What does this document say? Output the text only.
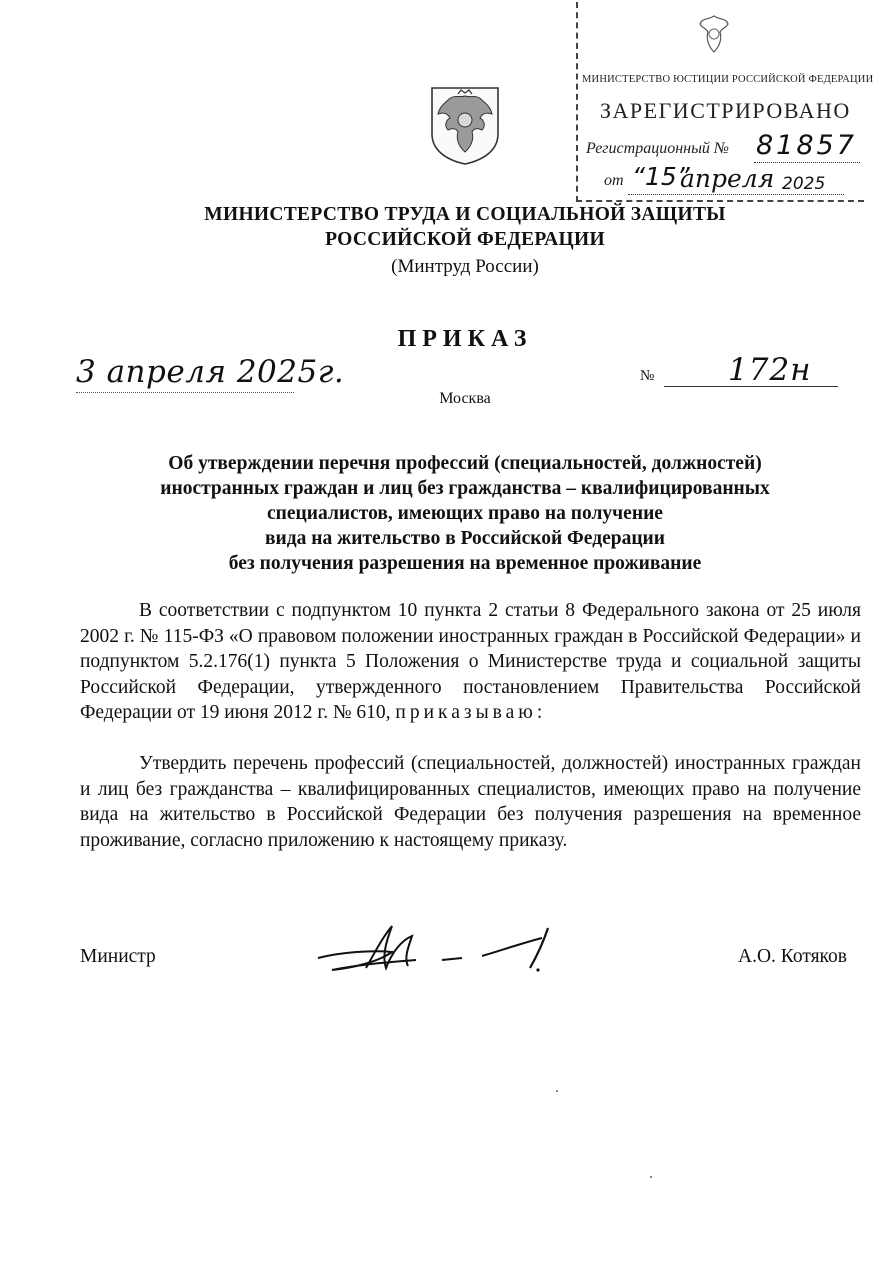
МИНИСТЕРСТВО ЮСТИЦИИ РОССИЙСКОЙ ФЕДЕРАЦИИ
ЗАРЕГИСТРИРОВАНО
Регистрационный № 81857
от “15”
апреля 2025
МИНИСТЕРСТВО ТРУДА И СОЦИАЛЬНОЙ ЗАЩИТЫ
РОССИЙСКОЙ ФЕДЕРАЦИИ
(Минтруд России)
ПРИКАЗ
3 апреля 2025г.	№ 172н
Москва
Об утверждении перечня профессий (специальностей, должностей)
иностранных граждан и лиц без гражданства – квалифицированных
специалистов, имеющих право на получение
вида на жительство в Российской Федерации
без получения разрешения на временное проживание
В соответствии с подпунктом 10 пункта 2 статьи 8 Федерального закона от 25 июля 2002 г. № 115-ФЗ «О правовом положении иностранных граждан в Российской Федерации» и подпунктом 5.2.176(1) пункта 5 Положения о Министерстве труда и социальной защиты Российской Федерации, утвержденного постановлением Правительства Российской Федерации от 19 июня 2012 г. № 610, приказываю:
Утвердить перечень профессий (специальностей, должностей) иностранных граждан и лиц без гражданства – квалифицированных специалистов, имеющих право на получение вида на жительство в Российской Федерации без получения разрешения на временное проживание, согласно приложению к настоящему приказу.
Министр	А.О. Котяков
